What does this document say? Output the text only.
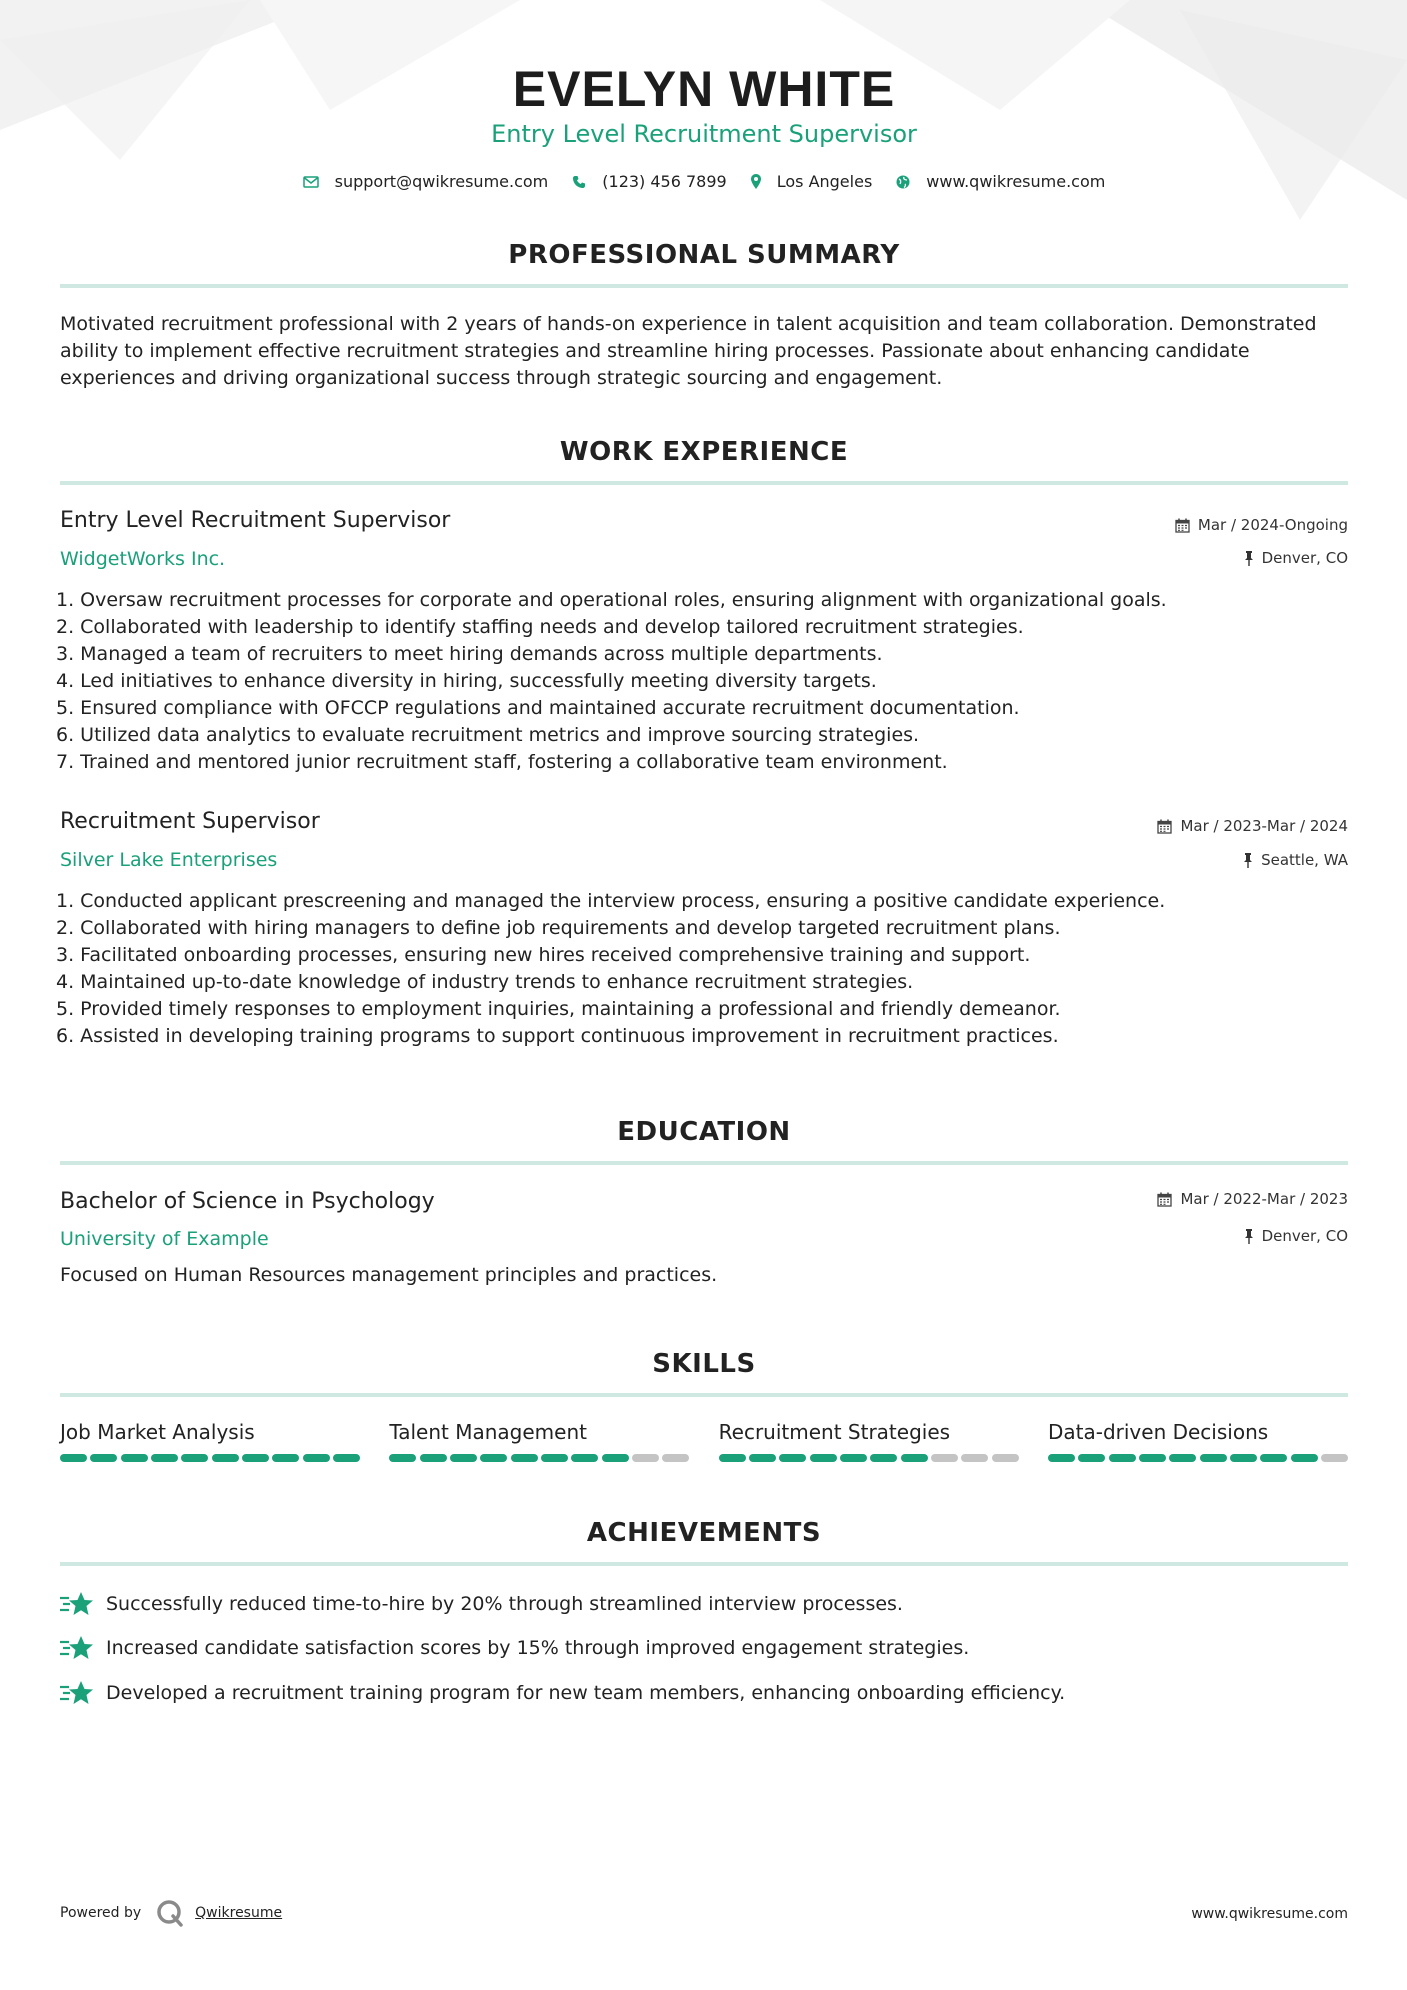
EVELYN WHITE
Entry Level Recruitment Supervisor
support@qwikresume.com	(123) 456 7899	Los Angeles	www.qwikresume.com
PROFESSIONAL SUMMARY
Motivated recruitment professional with 2 years of hands-on experience in talent acquisition and team collaboration. Demonstrated ability to implement effective recruitment strategies and streamline hiring processes. Passionate about enhancing candidate experiences and driving organizational success through strategic sourcing and engagement.
WORK EXPERIENCE
Entry Level Recruitment Supervisor	Mar / 2024-Ongoing
WidgetWorks Inc.	Denver, CO
1. Oversaw recruitment processes for corporate and operational roles, ensuring alignment with organizational goals.
2. Collaborated with leadership to identify staffing needs and develop tailored recruitment strategies.
3. Managed a team of recruiters to meet hiring demands across multiple departments.
4. Led initiatives to enhance diversity in hiring, successfully meeting diversity targets.
5. Ensured compliance with OFCCP regulations and maintained accurate recruitment documentation.
6. Utilized data analytics to evaluate recruitment metrics and improve sourcing strategies.
7. Trained and mentored junior recruitment staff, fostering a collaborative team environment.
Recruitment Supervisor	Mar / 2023-Mar / 2024
Silver Lake Enterprises	Seattle, WA
1. Conducted applicant prescreening and managed the interview process, ensuring a positive candidate experience.
2. Collaborated with hiring managers to define job requirements and develop targeted recruitment plans.
3. Facilitated onboarding processes, ensuring new hires received comprehensive training and support.
4. Maintained up-to-date knowledge of industry trends to enhance recruitment strategies.
5. Provided timely responses to employment inquiries, maintaining a professional and friendly demeanor.
6. Assisted in developing training programs to support continuous improvement in recruitment practices.
EDUCATION
Bachelor of Science in Psychology	Mar / 2022-Mar / 2023
University of Example	Denver, CO
Focused on Human Resources management principles and practices.
SKILLS
Job Market Analysis	Talent Management	Recruitment Strategies	Data-driven Decisions
ACHIEVEMENTS
Successfully reduced time-to-hire by 20% through streamlined interview processes.
Increased candidate satisfaction scores by 15% through improved engagement strategies.
Developed a recruitment training program for new team members, enhancing onboarding efficiency.
Powered by	Qwikresume	www.qwikresume.com
